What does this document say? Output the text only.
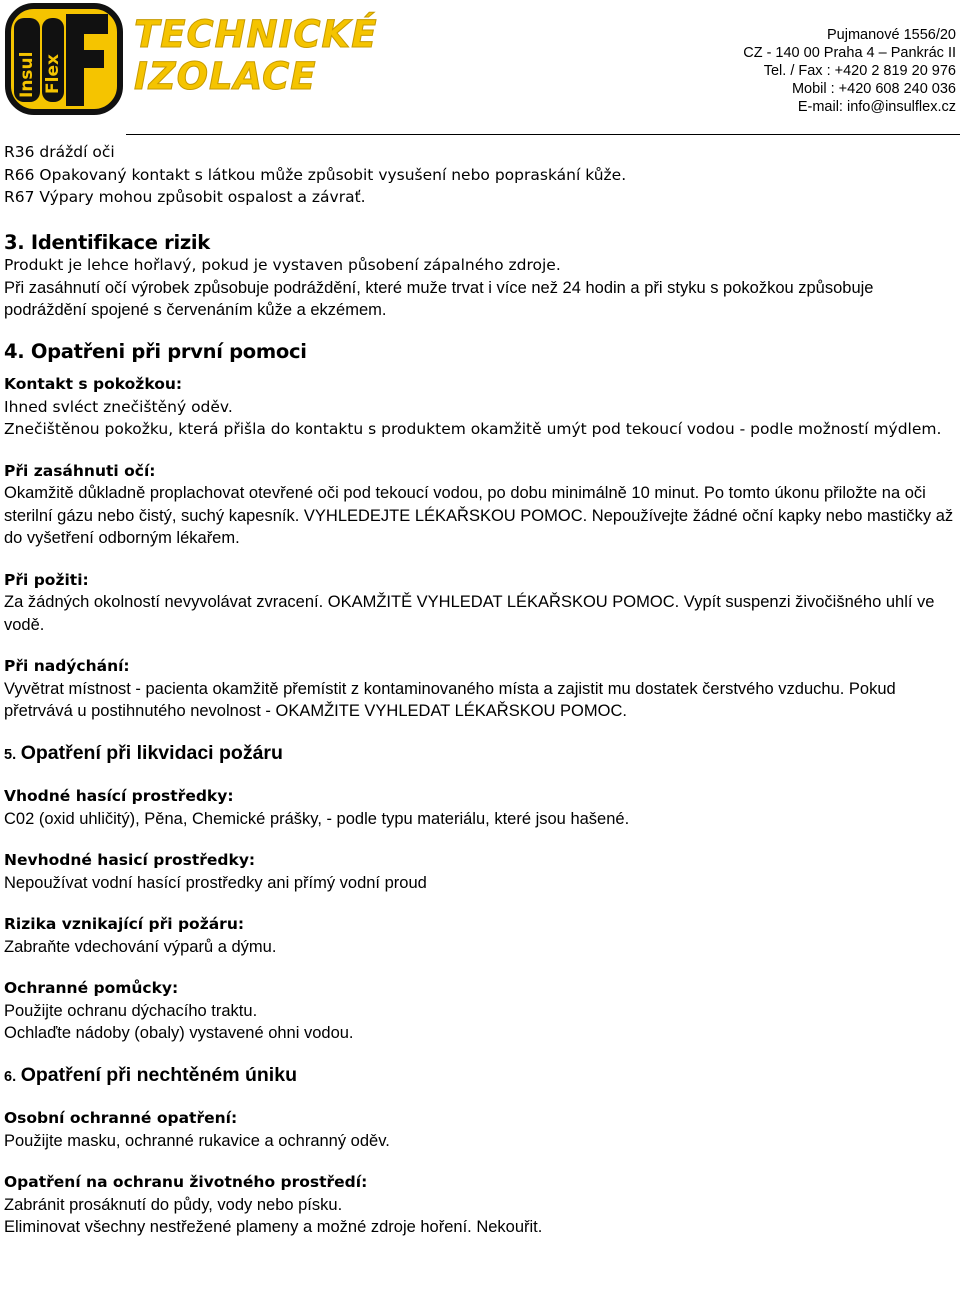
Insul Flex
TECHNICKÉ
IZOLACE
Pujmanové 1556/20
CZ - 140 00 Praha 4 – Pankrác II
Tel. / Fax : +420 2 819 20 976
Mobil : +420 608 240 036
E-mail: info@insulflex.cz

R36 dráždí oči

R66 Opakovaný kontakt s látkou může způsobit vysušení nebo popraskání kůže.

R67 Výpary mohou způsobit ospalost a závrať.

3. Identifikace rizik

Produkt je lehce hořlavý, pokud je vystaven působení zápalného zdroje.

Při zasáhnutí očí výrobek způsobuje podráždění, které muže trvat i více než 24 hodin a při styku s pokožkou způsobuje podráždění spojené s červenáním kůže a ekzémem.

4. Opatřeni při první pomoci

Kontakt s pokožkou:

Ihned svléct znečištěný oděv.

Znečištěnou pokožku, která přišla do kontaktu s produktem okamžitě umýt pod tekoucí vodou - podle možností mýdlem.

Při zasáhnuti očí:

Okamžitě důkladně proplachovat otevřené oči pod tekoucí vodou, po dobu minimálně 10 minut. Po tomto úkonu přiložte na oči sterilní gázu nebo čistý, suchý kapesník. VYHLEDEJTE LÉKAŘSKOU POMOC. Nepoužívejte žádné oční kapky nebo mastičky až do vyšetření odborným lékařem.

Při požiti:

Za žádných okolností nevyvolávat zvracení. OKAMŽITĚ VYHLEDAT LÉKAŘSKOU POMOC. Vypít suspenzi živočišného uhlí ve vodě.

Při nadýchání:

Vyvětrat místnost - pacienta okamžitě přemístit z kontaminovaného místa a zajistit mu dostatek čerstvého vzduchu. Pokud přetrvává u postihnutého nevolnost - OKAMŽITE VYHLEDAT LÉKAŘSKOU POMOC.

5. Opatření při likvidaci požáru

Vhodné hasící prostředky:

C02 (oxid uhličitý), Pěna, Chemické prášky, - podle typu materiálu, které jsou hašené.

Nevhodné hasicí prostředky:

Nepoužívat vodní hasící prostředky ani přímý vodní proud

Rizika vznikající při požáru:

Zabraňte vdechování výparů a dýmu.

Ochranné pomůcky:

Použijte ochranu dýchacího traktu.

Ochlaďte nádoby (obaly) vystavené ohni vodou.

6. Opatření při nechtěném úniku

Osobní ochranné opatření:

Použijte masku, ochranné rukavice a ochranný oděv.

Opatření na ochranu životného prostředí:

Zabránit prosáknutí do půdy, vody nebo písku.

Eliminovat všechny nestřežené plameny a možné zdroje hoření. Nekouřit.
